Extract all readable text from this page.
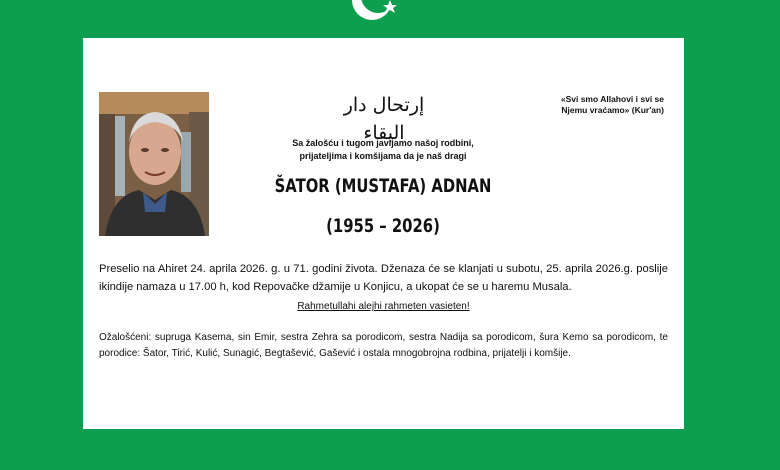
إرتحال دار البقاء
«Svi smo Allahovi i svi se
Njemu vraćamo» (Kur'an)
Sa žalošću i tugom javljamo našoj rodbini,
prijateljima i komšijama da je naš dragi
ŠATOR (MUSTAFA) ADNAN
(1955 – 2026)
Preselio na Ahiret 24. aprila 2026. g. u 71. godini života. Dženaza će se klanjati u subotu, 25. aprila 2026.g. poslije ikindije namaza u 17.00 h, kod Repovačke džamije u Konjicu, a ukopat će se u haremu Musala.
Rahmetullahi alejhi rahmeten vasieten!
Ožalošćeni: supruga Kasema, sin Emir, sestra Zehra sa porodicom, sestra Nadija sa porodicom, šura Kemo sa porodicom, te porodice: Šator, Tirić, Kulić, Sunagić, Begtašević, Gašević i ostala mnogobrojna rodbina, prijatelji i komšije.
